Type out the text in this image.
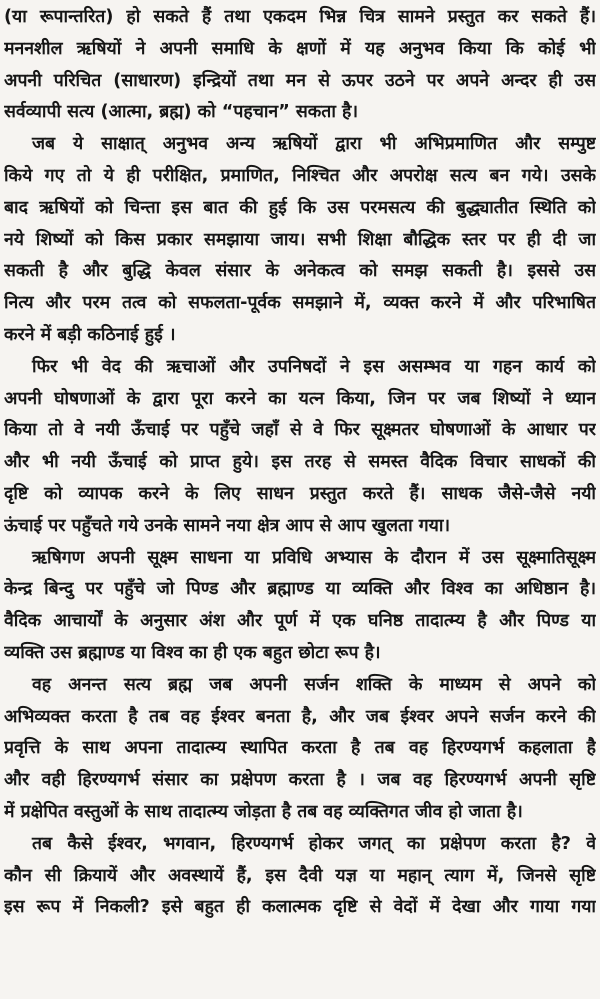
(या रूपान्तरित) हो सकते हैं तथा एकदम भिन्न चित्र सामने प्रस्तुत कर सकते हैं।
मननशील ऋषियों ने अपनी समाधि के क्षणों में यह अनुभव किया कि कोई भी
अपनी परिचित (साधारण) इन्द्रियों तथा मन से ऊपर उठने पर अपने अन्दर ही उस
सर्वव्यापी सत्य (आत्मा, ब्रह्म) को “पहचान” सकता है।
जब ये साक्षात् अनुभव अन्य ऋषियों द्वारा भी अभिप्रमाणित और सम्पुष्ट
किये गए तो ये ही परीक्षित, प्रमाणित, निश्चित और अपरोक्ष सत्य बन गये। उसके
बाद ऋषियों को चिन्ता इस बात की हुई कि उस परमसत्य की बुद्ध्यातीत स्थिति को
नये शिष्यों को किस प्रकार समझाया जाय। सभी शिक्षा बौद्धिक स्तर पर ही दी जा
सकती है और बुद्धि केवल संसार के अनेकत्व को समझ सकती है। इससे उस
नित्य और परम तत्व को सफलता-पूर्वक समझाने में, व्यक्त करने में और परिभाषित
करने में बड़ी कठिनाई हुई ।
फिर भी वेद की ऋचाओं और उपनिषदों ने इस असम्भव या गहन कार्य को
अपनी घोषणाओं के द्वारा पूरा करने का यत्न किया, जिन पर जब शिष्यों ने ध्यान
किया तो वे नयी ऊँचाई पर पहुँचे जहाँ से वे फिर सूक्ष्मतर घोषणाओं के आधार पर
और भी नयी ऊँचाई को प्राप्त हुये। इस तरह से समस्त वैदिक विचार साधकों की
दृष्टि को व्यापक करने के लिए साधन प्रस्तुत करते हैं। साधक जैसे-जैसे नयी
ऊंचाई पर पहुँचते गये उनके सामने नया क्षेत्र आप से आप खुलता गया।
ऋषिगण अपनी सूक्ष्म साधना या प्रविधि अभ्यास के दौरान में उस सूक्ष्मातिसूक्ष्म
केन्द्र बिन्दु पर पहुँचे जो पिण्ड और ब्रह्माण्ड या व्यक्ति और विश्व का अधिष्ठान है।
वैदिक आचार्यों के अनुसार अंश और पूर्ण में एक घनिष्ठ तादात्म्य है और पिण्ड या
व्यक्ति उस ब्रह्माण्ड या विश्व का ही एक बहुत छोटा रूप है।
वह अनन्त सत्य ब्रह्म जब अपनी सर्जन शक्ति के माध्यम से अपने को
अभिव्यक्त करता है तब वह ईश्वर बनता है, और जब ईश्वर अपने सर्जन करने की
प्रवृत्ति के साथ अपना तादात्म्य स्थापित करता है तब वह हिरण्यगर्भ कहलाता है
और वही हिरण्यगर्भ संसार का प्रक्षेपण करता है । जब वह हिरण्यगर्भ अपनी सृष्टि
में प्रक्षेपित वस्तुओं के साथ तादात्म्य जोड़ता है तब वह व्यक्तिगत जीव हो जाता है।
तब कैसे ईश्वर, भगवान, हिरण्यगर्भ होकर जगत् का प्रक्षेपण करता है? वे
कौन सी क्रियायें और अवस्थायें हैं, इस दैवी यज्ञ या महान् त्याग में, जिनसे सृष्टि
इस रूप में निकली? इसे बहुत ही कलात्मक दृष्टि से वेदों में देखा और गाया गया
